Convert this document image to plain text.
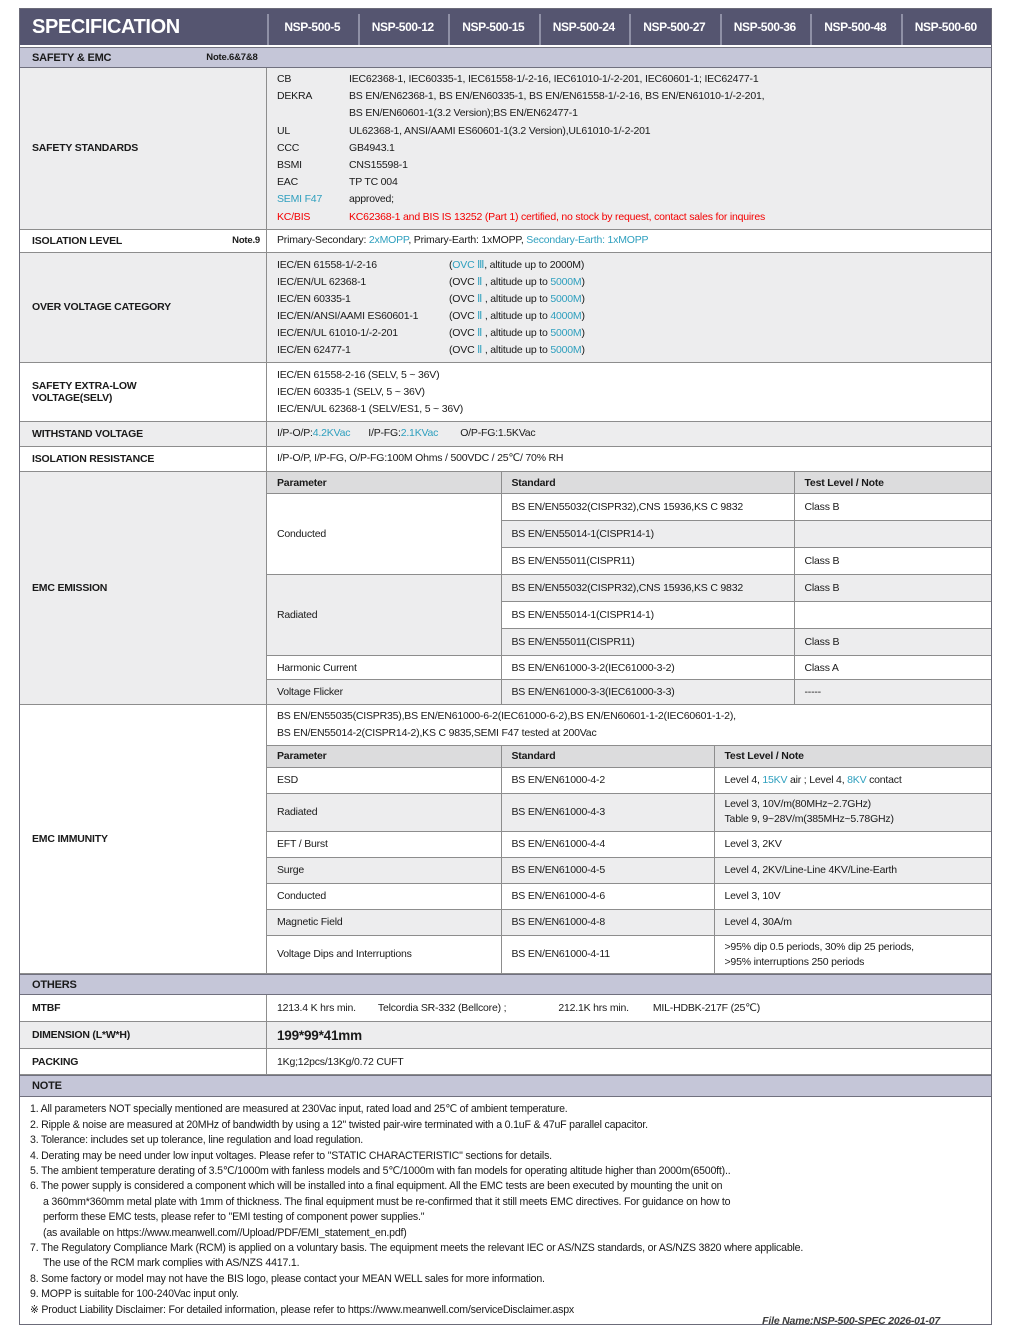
SPECIFICATION	NSP-500-5	NSP-500-12	NSP-500-15	NSP-500-24	NSP-500-27	NSP-500-36	NSP-500-48	NSP-500-60
SAFETY & EMC	Note.6&7&8
SAFETY STANDARDS
CB	IEC62368-1, IEC60335-1, IEC61558-1/-2-16, IEC61010-1/-2-201, IEC60601-1; IEC62477-1
DEKRA	BS EN/EN62368-1, BS EN/EN60335-1, BS EN/EN61558-1/-2-16, BS EN/EN61010-1/-2-201,
BS EN/EN60601-1(3.2 Version);BS EN/EN62477-1
UL	UL62368-1, ANSI/AAMI ES60601-1(3.2 Version),UL61010-1/-2-201
CCC	GB4943.1
BSMI	CNS15598-1
EAC	TP TC 004
SEMI F47	approved;
KC/BIS	KC62368-1 and BIS IS 13252 (Part 1) certified, no stock by request, contact sales for inquires
ISOLATION LEVEL	Note.9 Primary-Secondary: 2xMOPP, Primary-Earth: 1xMOPP, Secondary-Earth: 1xMOPP
OVER VOLTAGE CATEGORY
IEC/EN 61558-1/-2-16	(OVC Ⅲ, altitude up to 2000M)
IEC/EN/UL 62368-1	(OVC Ⅱ , altitude up to 5000M)
IEC/EN 60335-1	(OVC Ⅱ , altitude up to 5000M)
IEC/EN/ANSI/AAMI ES60601-1	(OVC Ⅱ , altitude up to 4000M)
IEC/EN/UL 61010-1/-2-201	(OVC Ⅱ , altitude up to 5000M)
IEC/EN 62477-1	(OVC Ⅱ , altitude up to 5000M)
SAFETY EXTRA-LOW VOLTAGE(SELV)
IEC/EN 61558-2-16 (SELV, 5 ~ 36V)
IEC/EN 60335-1 (SELV, 5 ~ 36V)
IEC/EN/UL 62368-1 (SELV/ES1, 5 ~ 36V)
WITHSTAND VOLTAGE	I/P-O/P:4.2KVac I/P-FG:2.1KVac O/P-FG:1.5KVac
ISOLATION RESISTANCE	I/P-O/P, I/P-FG, O/P-FG:100M Ohms / 500VDC / 25℃/ 70% RH
EMC EMISSION
Parameter	Standard	Test Level / Note
Conducted	BS EN/EN55032(CISPR32),CNS 15936,KS C 9832	Class B
	BS EN/EN55014-1(CISPR14-1)	
	BS EN/EN55011(CISPR11)	Class B
Radiated	BS EN/EN55032(CISPR32),CNS 15936,KS C 9832	Class B
	BS EN/EN55014-1(CISPR14-1)	
	BS EN/EN55011(CISPR11)	Class B
Harmonic Current	BS EN/EN61000-3-2(IEC61000-3-2)	Class A
Voltage Flicker	BS EN/EN61000-3-3(IEC61000-3-3)	-----
EMC IMMUNITY
BS EN/EN55035(CISPR35),BS EN/EN61000-6-2(IEC61000-6-2),BS EN/EN60601-1-2(IEC60601-1-2),
BS EN/EN55014-2(CISPR14-2),KS C 9835,SEMI F47 tested at 200Vac
Parameter	Standard	Test Level / Note
ESD	BS EN/EN61000-4-2	Level 4, 15KV air ; Level 4, 8KV contact
Radiated	BS EN/EN61000-4-3	Level 3, 10V/m(80MHz~2.7GHz)
Table 9, 9~28V/m(385MHz~5.78GHz)

EFT / Burst	BS EN/EN61000-4-4	Level 3, 2KV
Surge	BS EN/EN61000-4-5	Level 4, 2KV/Line-Line 4KV/Line-Earth
Conducted	BS EN/EN61000-4-6	Level 3, 10V
Magnetic Field	BS EN/EN61000-4-8	Level 4, 30A/m
Voltage Dips and Interruptions	BS EN/EN61000-4-11	>95% dip 0.5 periods, 30% dip 25 periods,
>95% interruptions 250 periods
OTHERS
MTBF	1213.4 K hrs min. Telcordia SR-332 (Bellcore) ;	212.1K hrs min. MIL-HDBK-217F (25℃)
DIMENSION (L*W*H)	199*99*41mm
PACKING	1Kg;12pcs/13Kg/0.72 CUFT
NOTE
1. All parameters NOT specially mentioned are measured at 230Vac input, rated load and 25℃ of ambient temperature.
2. Ripple & noise are measured at 20MHz of bandwidth by using a 12" twisted pair-wire terminated with a 0.1uF & 47uF parallel capacitor.
3. Tolerance: includes set up tolerance, line regulation and load regulation.
4. Derating may be need under low input voltages. Please refer to "STATIC CHARACTERISTIC" sections for details.
5. The ambient temperature derating of 3.5℃/1000m with fanless models and 5℃/1000m with fan models for operating altitude higher than 2000m(6500ft)..
6. The power supply is considered a component which will be installed into a final equipment. All the EMC tests are been executed by mounting the unit on
a 360mm*360mm metal plate with 1mm of thickness. The final equipment must be re-confirmed that it still meets EMC directives. For guidance on how to
perform these EMC tests, please refer to "EMI testing of component power supplies."
(as available on https://www.meanwell.com//Upload/PDF/EMI_statement_en.pdf)
7. The Regulatory Compliance Mark (RCM) is applied on a voluntary basis. The equipment meets the relevant IEC or AS/NZS standards, or AS/NZS 3820 where applicable.
The use of the RCM mark complies with AS/NZS 4417.1.
8. Some factory or model may not have the BIS logo, please contact your MEAN WELL sales for more information.
9. MOPP is suitable for 100-240Vac input only.
※ Product Liability Disclaimer: For detailed information, please refer to https://www.meanwell.com/serviceDisclaimer.aspx
File Name:NSP-500-SPEC 2026-01-07
